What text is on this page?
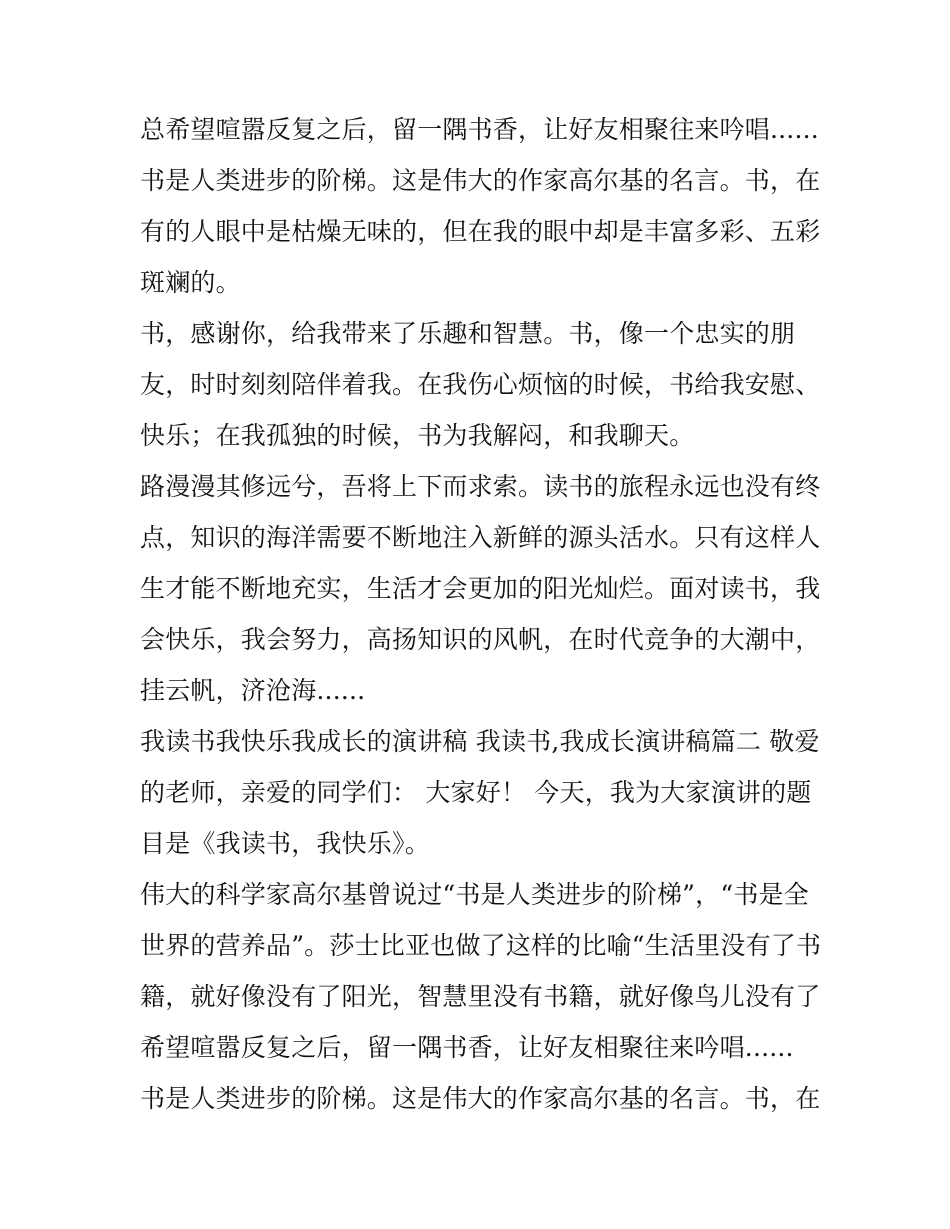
总希望喧嚣反复之后，留一隅书香，让好友相聚往来吟唱......
书是人类进步的阶梯。这是伟大的作家高尔基的名言。书，在
有的人眼中是枯燥无味的，但在我的眼中却是丰富多彩、五彩
斑斓的。
书，感谢你，给我带来了乐趣和智慧。书，像一个忠实的朋
友，时时刻刻陪伴着我。在我伤心烦恼的时候，书给我安慰、
快乐；在我孤独的时候，书为我解闷，和我聊天。
路漫漫其修远兮，吾将上下而求索。读书的旅程永远也没有终
点，知识的海洋需要不断地注入新鲜的源头活水。只有这样人
生才能不断地充实，生活才会更加的阳光灿烂。面对读书，我
会快乐，我会努力，高扬知识的风帆，在时代竞争的大潮中，
挂云帆，济沧海......
我读书我快乐我成长的演讲稿 我读书,我成长演讲稿篇二 敬爱
的老师，亲爱的同学们： 大家好！ 今天，我为大家演讲的题
目是《我读书，我快乐》。
伟大的科学家高尔基曾说过“书是人类进步的阶梯”，“书是全
世界的营养品”。莎士比亚也做了这样的比喻“生活里没有了书
籍，就好像没有了阳光，智慧里没有书籍，就好像鸟儿没有了
希望喧嚣反复之后，留一隅书香，让好友相聚往来吟唱......
书是人类进步的阶梯。这是伟大的作家高尔基的名言。书，在
